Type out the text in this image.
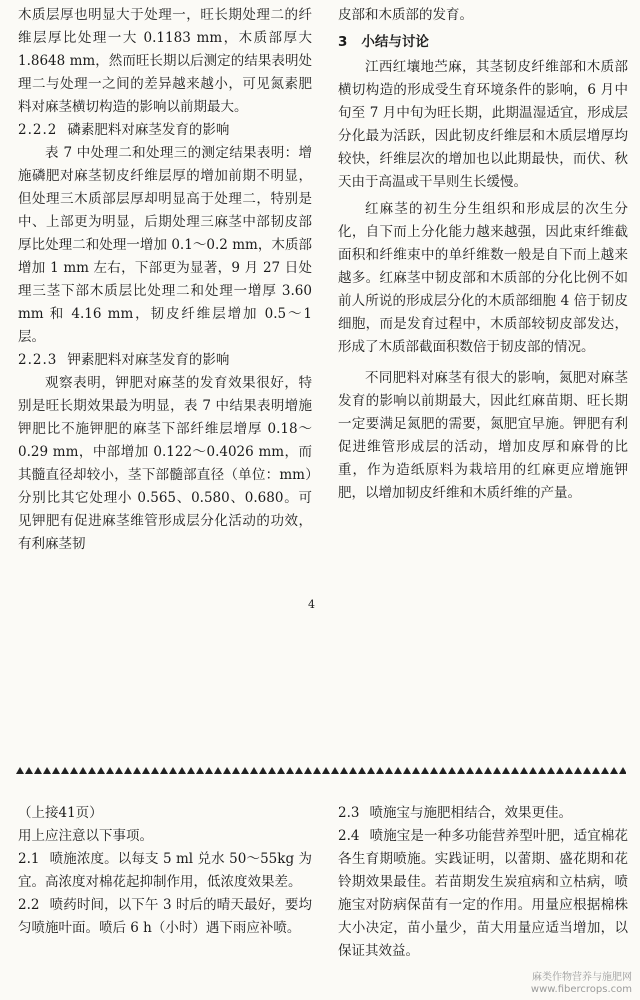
木质层厚也明显大于处理一，旺长期处理二的纤维层厚比处理一大 0.1183 mm，木质部厚大 1.8648 mm，然而旺长期以后测定的结果表明处理二与处理一之间的差异越来越小，可见氮素肥料对麻茎横切构造的影响以前期最大。

2.2.2 磷素肥料对麻茎发育的影响

表 7 中处理二和处理三的测定结果表明：增施磷肥对麻茎韧皮纤维层厚的增加前期不明显，但处理三木质部层厚却明显高于处理二，特别是中、上部更为明显，后期处理三麻茎中部韧皮部厚比处理二和处理一增加 0.1～0.2 mm，木质部增加 1 mm 左右，下部更为显著，9 月 27 日处理三茎下部木质层比处理二和处理一增厚 3.60 mm 和 4.16 mm，韧皮纤维层增加 0.5～1 层。

2.2.3 钾素肥料对麻茎发育的影响

观察表明，钾肥对麻茎的发育效果很好，特别是旺长期效果最为明显，表 7 中结果表明增施钾肥比不施钾肥的麻茎下部纤维层增厚 0.18～0.29 mm，中部增加 0.122～0.4026 mm，而其髓直径却较小，茎下部髓部直径（单位：mm）分别比其它处理小 0.565、0.580、0.680。可见钾肥有促进麻茎维管形成层分化活动的功效，有利麻茎韧

4

皮部和木质部的发育。

3 小结与讨论

江西红壤地苎麻，其茎韧皮纤维部和木质部横切构造的形成受生育环境条件的影响，6 月中旬至 7 月中旬为旺长期，此期温湿适宜，形成层分化最为活跃，因此韧皮纤维层和木质层增厚均较快，纤维层次的增加也以此期最快，而伏、秋天由于高温或干旱则生长缓慢。

红麻茎的初生分生组织和形成层的次生分化，自下而上分化能力越来越强，因此束纤维截面积和纤维束中的单纤维数一般是自下而上越来越多。红麻茎中韧皮部和木质部的分化比例不如前人所说的形成层分化的木质部细胞 4 倍于韧皮细胞，而是发育过程中，木质部较韧皮部发达，形成了木质部截面积数倍于韧皮部的情况。

不同肥料对麻茎有很大的影响，氮肥对麻茎发育的影响以前期最大，因此红麻苗期、旺长期一定要满足氮肥的需要，氮肥宜早施。钾肥有利促进维管形成层的活动，增加皮厚和麻骨的比重，作为造纸原料为栽培用的红麻更应增施钾肥，以增加韧皮纤维和木质纤维的产量。

（上接41页）

用上应注意以下事项。

2.1 喷施浓度。以每支 5 ml 兑水 50～55kg 为宜。高浓度对棉花起抑制作用，低浓度效果差。

2.2 喷药时间，以下午 3 时后的晴天最好，要均匀喷施叶面。喷后 6 h（小时）遇下雨应补喷。

2.3 喷施宝与施肥相结合，效果更佳。

2.4 喷施宝是一种多功能营养型叶肥，适宜棉花各生育期喷施。实践证明，以蕾期、盛花期和花铃期效果最佳。若苗期发生炭疽病和立枯病，喷施宝对防病保苗有一定的作用。用量应根据棉株大小决定，苗小量少，苗大用量应适当增加，以保证其效益。

麻类作物营养与施肥网
www.fibercrops.com
